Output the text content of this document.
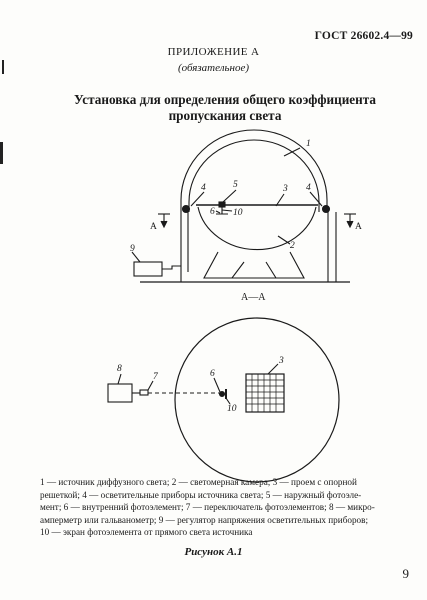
ГОСТ 26602.4—99
ПРИЛОЖЕНИЕ А
(обязательное)
Установка для определения общего коэффициента
пропускания света
1
4	5	3 4
6 10
2
9
А	А
А—А
8
7	6
10
3
1 — источник диффузного света; 2 — светомерная камера; 3 — проем с опорной
решеткой; 4 — осветительные приборы источника света; 5 — наружный фотоэле-
мент; 6 — внутренний фотоэлемент; 7 — переключатель фотоэлементов; 8 — микро-
амперметр или гальванометр; 9 — регулятор напряжения осветительных приборов;
10 — экран фотоэлемента от прямого света источника
Рисунок А.1
9
